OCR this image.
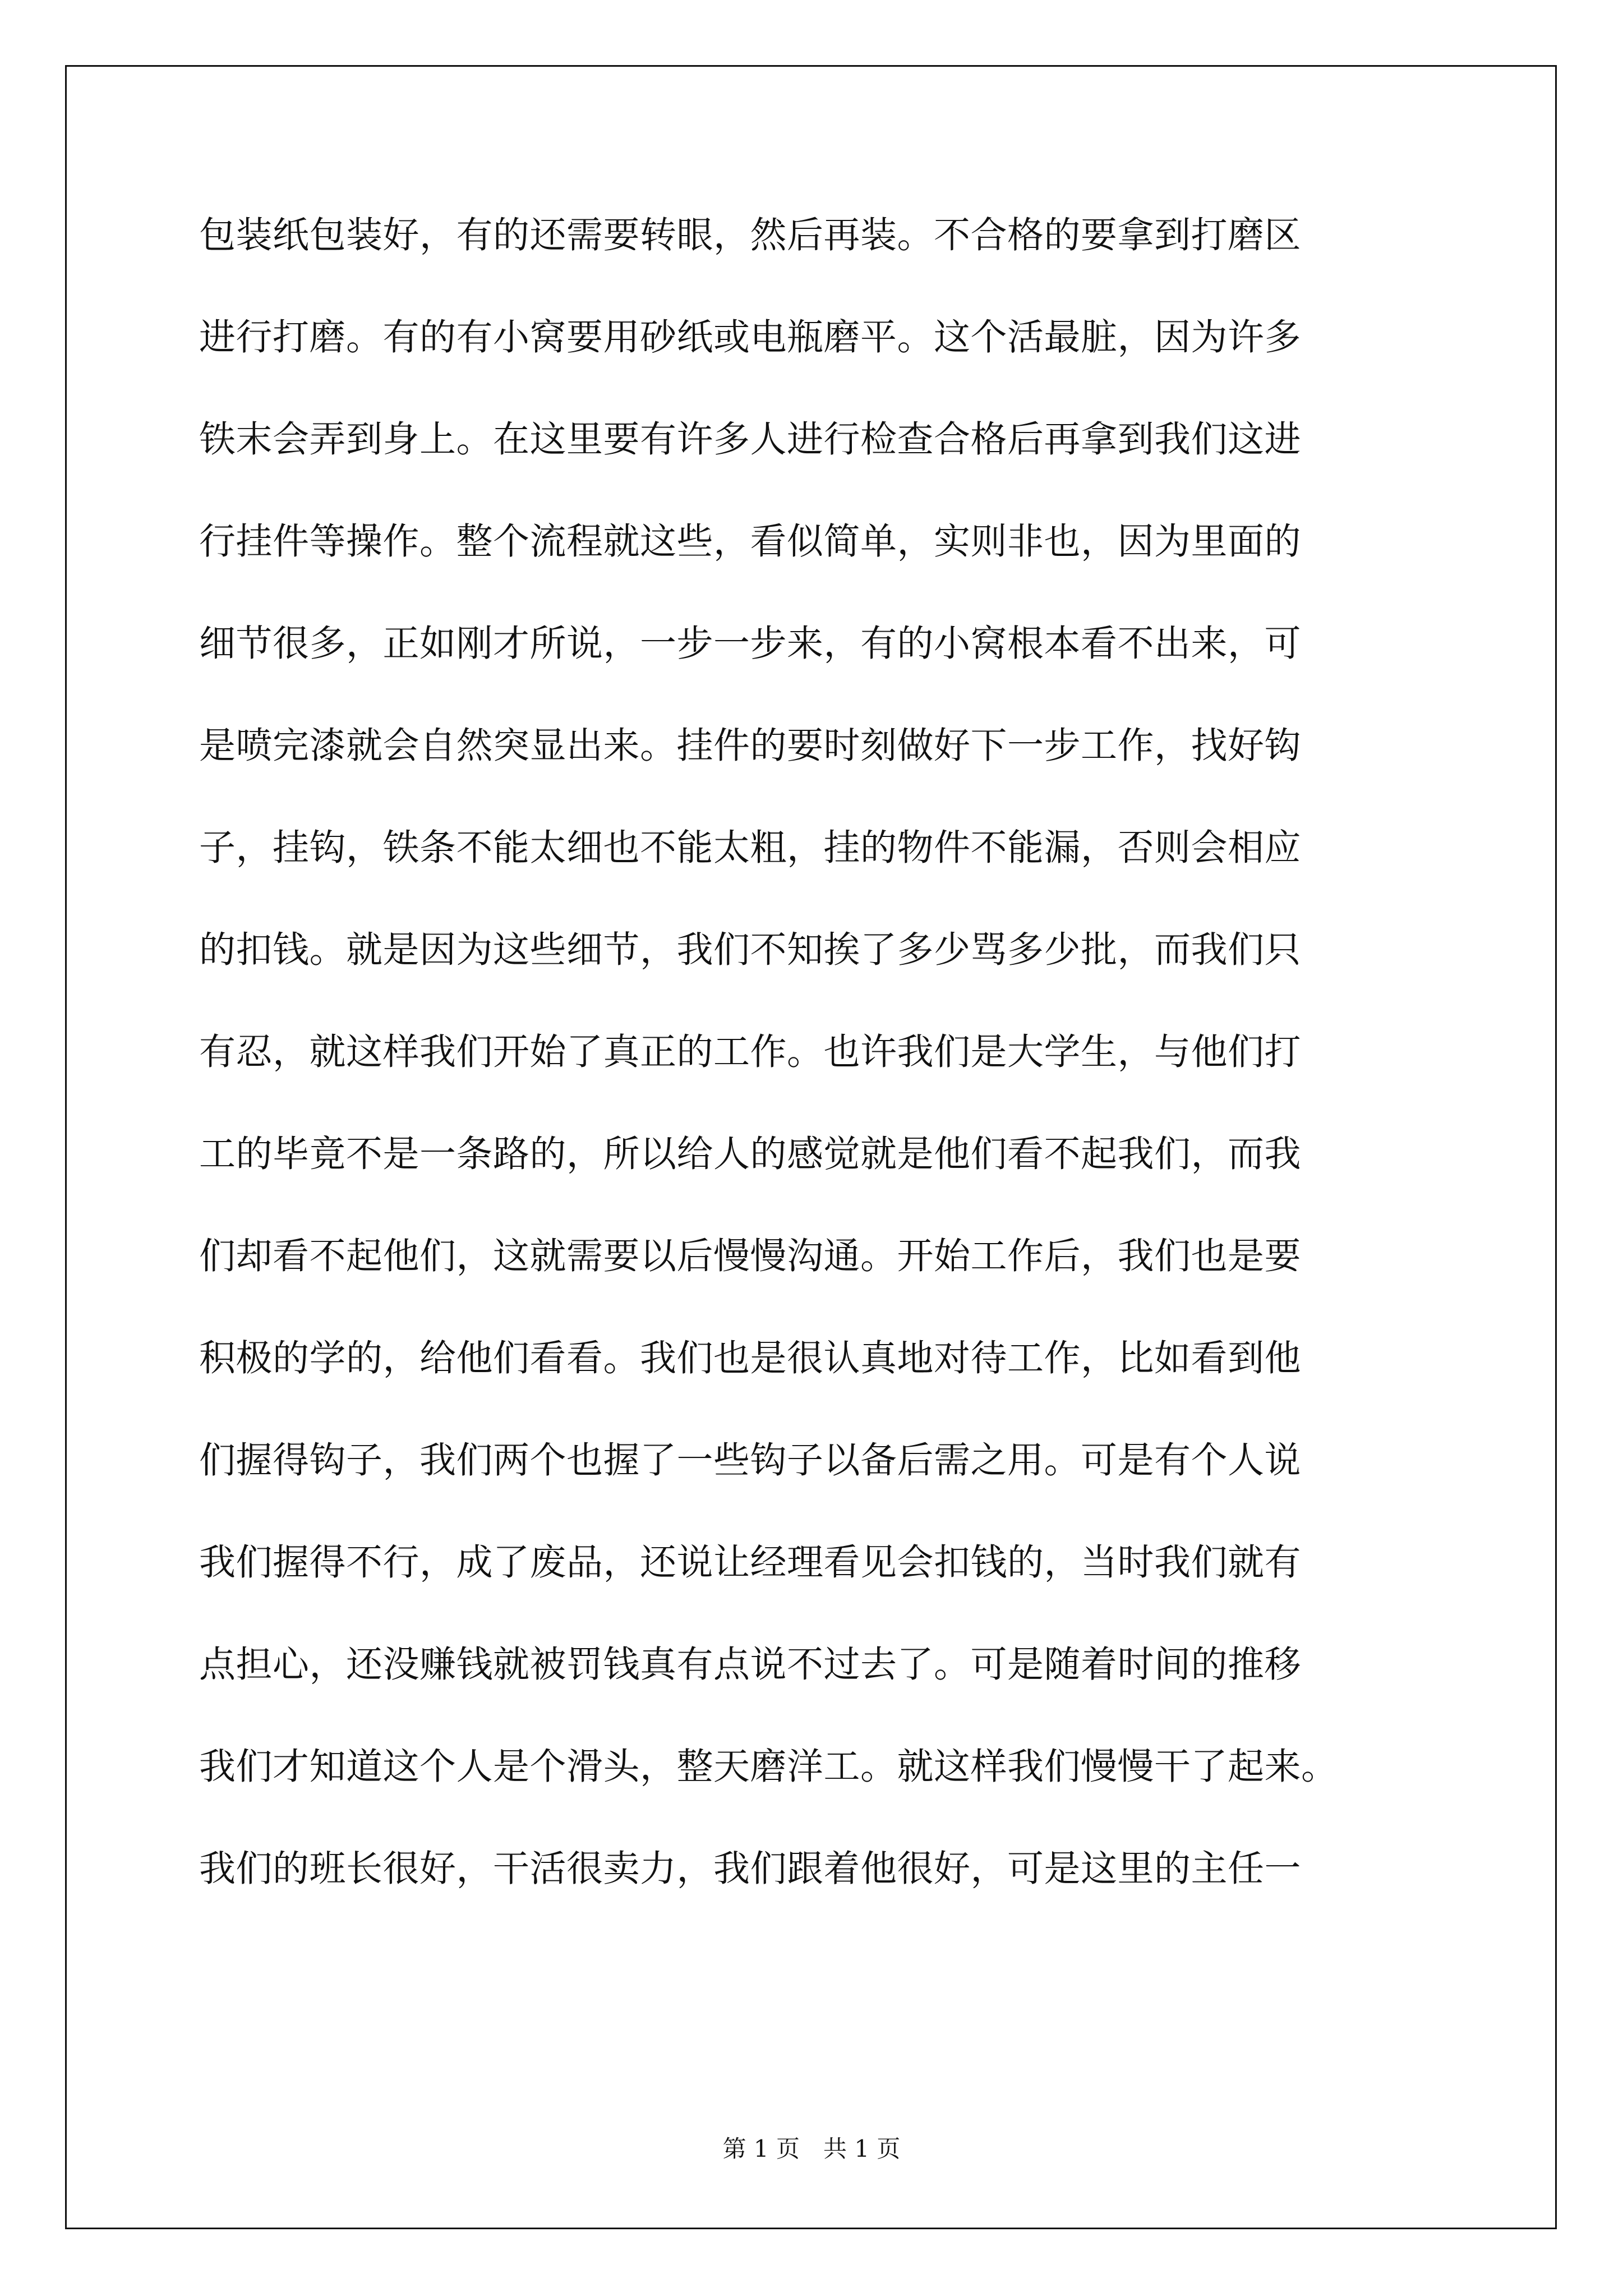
包装纸包装好，有的还需要转眼，然后再装。不合格的要拿到打磨区
进行打磨。有的有小窝要用砂纸或电瓶磨平。这个活最脏，因为许多
铁末会弄到身上。在这里要有许多人进行检查合格后再拿到我们这进
行挂件等操作。整个流程就这些，看似简单，实则非也，因为里面的
细节很多，正如刚才所说，一步一步来，有的小窝根本看不出来，可
是喷完漆就会自然突显出来。挂件的要时刻做好下一步工作，找好钩
子，挂钩，铁条不能太细也不能太粗，挂的物件不能漏，否则会相应
的扣钱。就是因为这些细节，我们不知挨了多少骂多少批，而我们只
有忍，就这样我们开始了真正的工作。也许我们是大学生，与他们打
工的毕竟不是一条路的，所以给人的感觉就是他们看不起我们，而我
们却看不起他们，这就需要以后慢慢沟通。开始工作后，我们也是要
积极的学的，给他们看看。我们也是很认真地对待工作，比如看到他
们握得钩子，我们两个也握了一些钩子以备后需之用。可是有个人说
我们握得不行，成了废品，还说让经理看见会扣钱的，当时我们就有
点担心，还没赚钱就被罚钱真有点说不过去了。可是随着时间的推移
我们才知道这个人是个滑头，整天磨洋工。就这样我们慢慢干了起来。
我们的班长很好，干活很卖力，我们跟着他很好，可是这里的主任一
第 1 页　共 1 页
